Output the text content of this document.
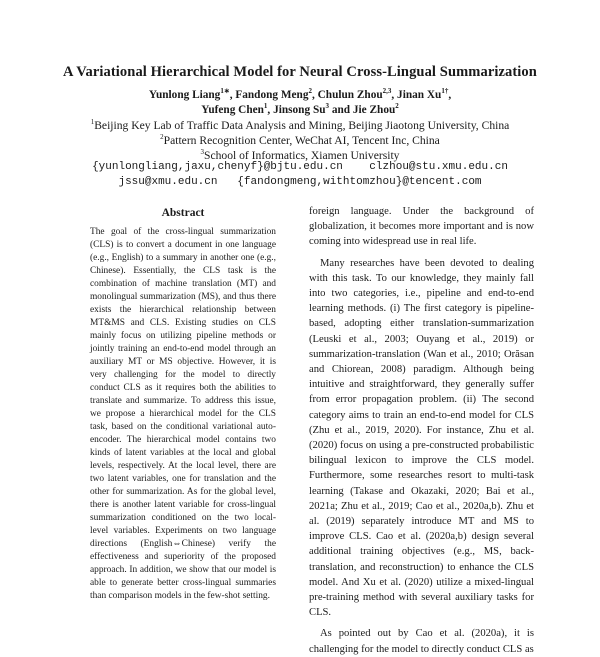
A Variational Hierarchical Model for Neural Cross-Lingual Summarization
Yunlong Liang$^{1∗}$, Fandong Meng$^2$, Chulun Zhou$^{2,3}$, Jinan $Xu^{1\dagger}$,
Yufeng Chen$^1$, Jinsong Su$^3$ and Jie Zhou$^2$
$^1$Beijing Key Lab of Traffic Data Analysis and Mining, Beijing Jiaotong University, China
$^2$Pattern Recognition Center, WeChat AI, Tencent Inc, China
$^3$School of Informatics, Xiamen University
{yunlongliang,jaxu,chenyf}@bjtu.edu.cn    clzhou@stu.xmu.edu.cn
jssu@xmu.edu.cn   {fandongmeng,withtomzhou}@tencent.com
Abstract
The goal of the cross-lingual summarization (CLS) is to convert a document in one language (e.g., English) to a summary in another one (e.g., Chinese). Essentially, the CLS task is the combination of machine translation (MT) and monolingual summarization (MS), and thus there exists the hierarchical relationship between MT&MS and CLS. Existing studies on CLS mainly focus on utilizing pipeline methods or jointly training an end-to-end model through an auxiliary MT or MS objective. However, it is very challenging for the model to directly conduct CLS as it requires both the abilities to translate and summarize. To address this issue, we propose a hierarchical model for the CLS task, based on the conditional variational auto-encoder. The hierarchical model contains two kinds of latent variables at the local and global levels, respectively. At the local level, there are two latent variables, one for translation and the other for summarization. As for the global level, there is another latent variable for cross-lingual summarization conditioned on the two local-level variables. Experiments on two language directions (English⇔Chinese) verify the effectiveness and superiority of the proposed approach. In addition, we show that our model is able to generate better cross-lingual summaries than comparison models in the few-shot setting.

foreign language. Under the background of globalization, it becomes more important and is now coming into widespread use in real life.

Many researches have been devoted to dealing with this task. To our knowledge, they mainly fall into two categories, i.e., pipeline and end-to-end learning methods. (i) The first category is pipeline-based, adopting either translation-summarization (Leuski et al., 2003; Ouyang et al., 2019) or summarization-translation (Wan et al., 2010; Orăsan and Chiorean, 2008) paradigm. Although being intuitive and straightforward, they generally suffer from error propagation problem. (ii) The second category aims to train an end-to-end model for CLS (Zhu et al., 2019, 2020). For instance, Zhu et al. (2020) focus on using a pre-constructed probabilistic bilingual lexicon to improve the CLS model. Furthermore, some researches resort to multi-task learning (Takase and Okazaki, 2020; Bai et al., 2021a; Zhu et al., 2019; Cao et al., 2020a,b). Zhu et al. (2019) separately introduce MT and MS to improve CLS. Cao et al. (2020a,b) design several additional training objectives (e.g., MS, back-translation, and reconstruction) to enhance the CLS model. And Xu et al. (2020) utilize a mixed-lingual pre-training method with several auxiliary tasks for CLS.

As pointed out by Cao et al. (2020a), it is challenging for the model to directly conduct CLS as
